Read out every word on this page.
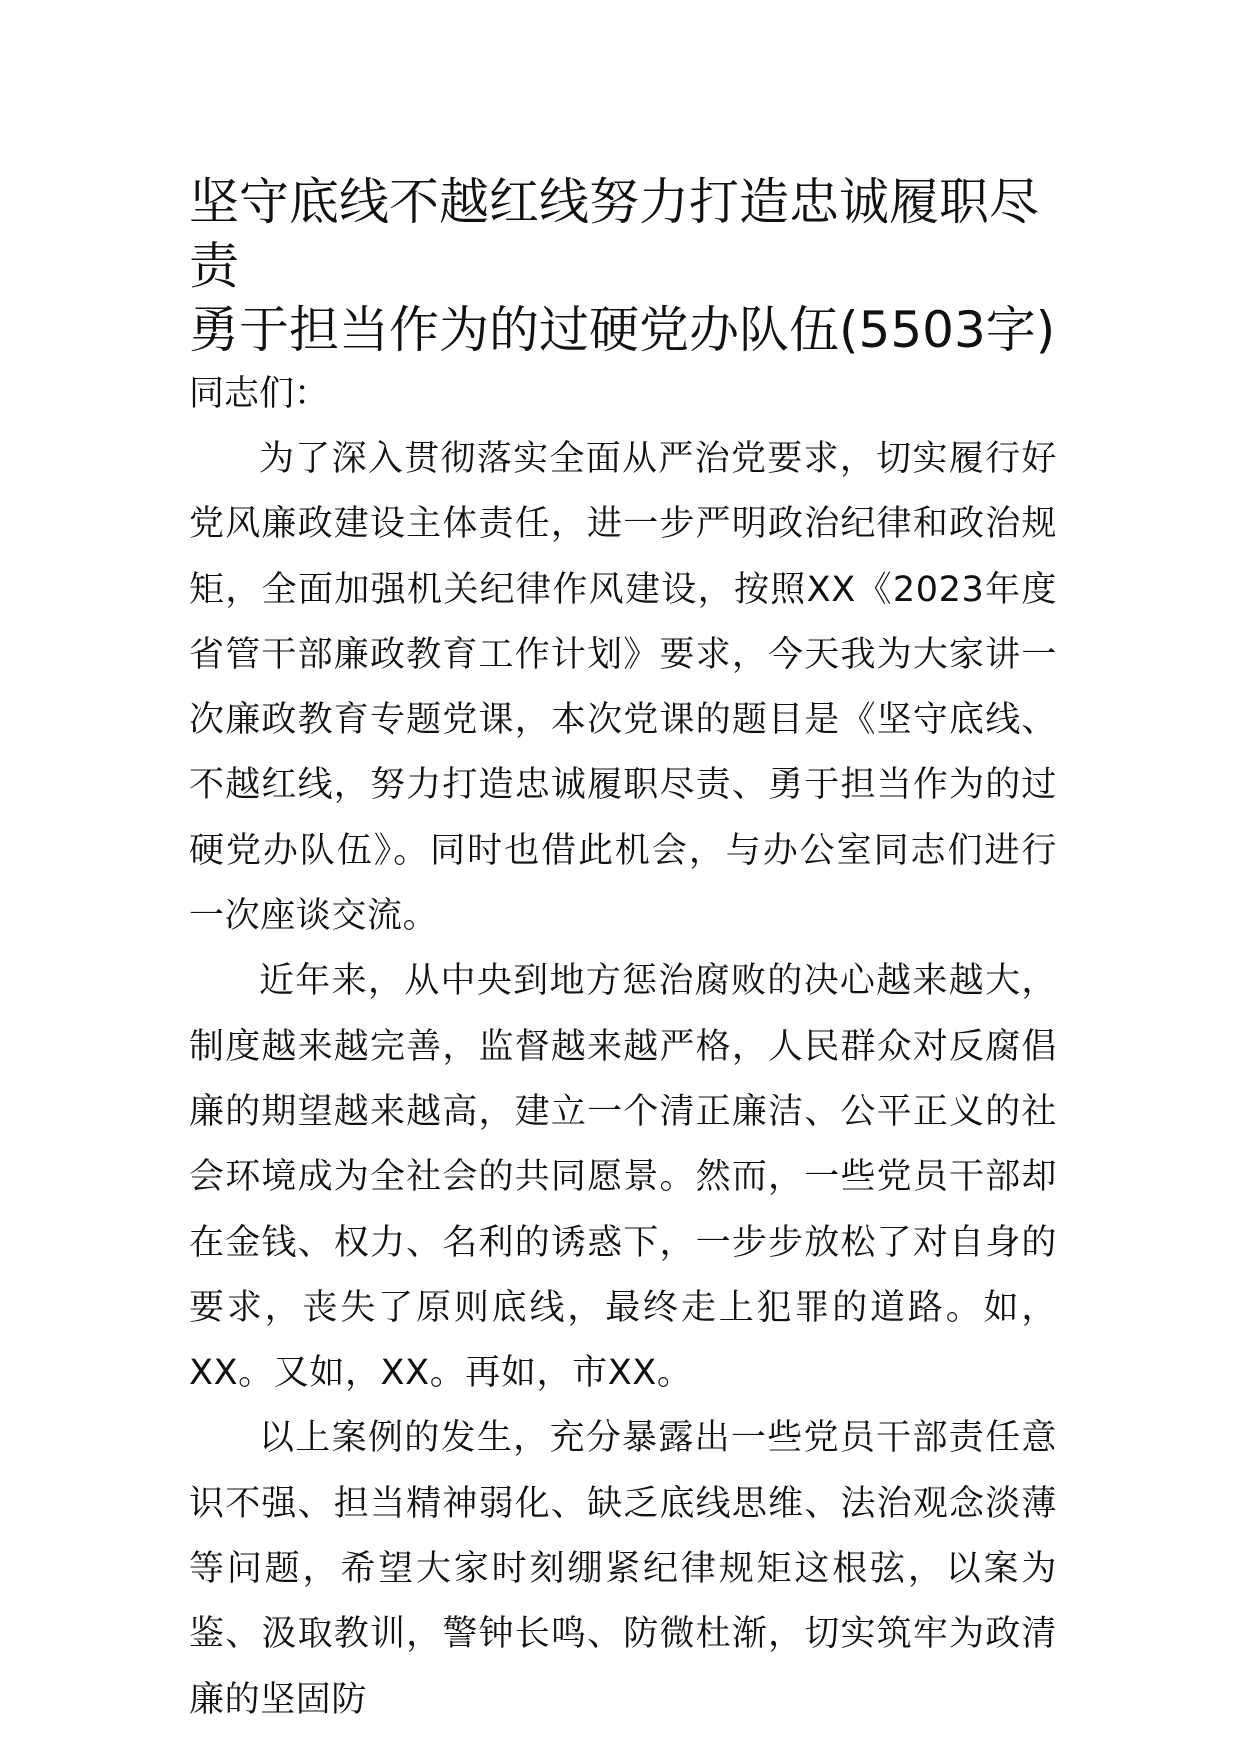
坚守底线不越红线努力打造忠诚履职尽责
勇于担当作为的过硬党办队伍(5503字)

同志们：

为了深入贯彻落实全面从严治党要求，切实履行好党风廉政建设主体责任，进一步严明政治纪律和政治规矩，全面加强机关纪律作风建设，按照XX《2023年度省管干部廉政教育工作计划》要求，今天我为大家讲一次廉政教育专题党课，本次党课的题目是《坚守底线、不越红线，努力打造忠诚履职尽责、勇于担当作为的过硬党办队伍》。同时也借此机会，与办公室同志们进行一次座谈交流。

近年来，从中央到地方惩治腐败的决心越来越大，制度越来越完善，监督越来越严格，人民群众对反腐倡廉的期望越来越高，建立一个清正廉洁、公平正义的社会环境成为全社会的共同愿景。然而，一些党员干部却在金钱、权力、名利的诱惑下，一步步放松了对自身的要求，丧失了原则底线，最终走上犯罪的道路。如，XX。又如，XX。再如，市XX。

以上案例的发生，充分暴露出一些党员干部责任意识不强、担当精神弱化、缺乏底线思维、法治观念淡薄等问题，希望大家时刻绷紧纪律规矩这根弦，以案为鉴、汲取教训，警钟长鸣、防微杜渐，切实筑牢为政清廉的坚固防
